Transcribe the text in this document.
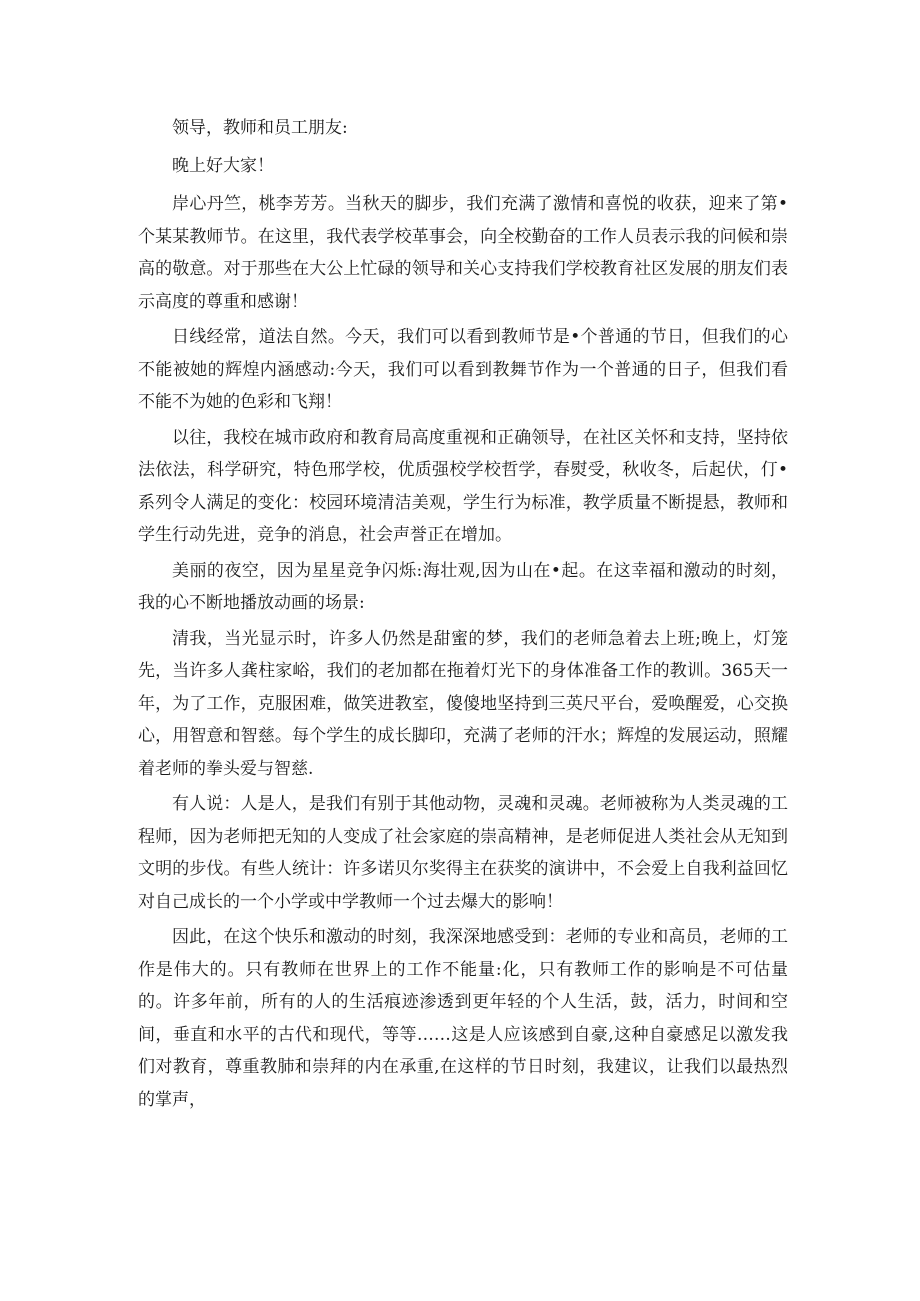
领导，教师和员工朋友:

晚上好大家！

岸心丹竺，桃李芳芳。当秋天的脚步，我们充满了激情和喜悦的收获，迎来了第•个某某教师节。在这里，我代表学校革事会，向全校勤奋的工作人员表示我的问候和崇高的敬意。对于那些在大公上忙碌的领导和关心支持我们学校教育社区发展的朋友们表示高度的尊重和感谢！

日线经常，道法自然。今天，我们可以看到教师节是•个普通的节日，但我们的心不能被她的辉煌内涵感动:今天，我们可以看到教舞节作为一个普通的日子，但我们看不能不为她的色彩和飞翔！

以往，我校在城市政府和教育局高度重视和正确领导，在社区关怀和支持，坚持依法依法，科学研究，特色邢学校，优质强校学校哲学，春熨受，秋收冬，后起伏，仃•系列令人满足的变化：校园环境清洁美观，学生行为标准，教学质量不断提悬，教师和学生行动先进，竞争的消息，社会声誉正在增加。

美丽的夜空，因为星星竞争闪烁:海壮观,因为山在•起。在这幸福和激动的时刻，我的心不断地播放动画的场景:

清我，当光显示时，许多人仍然是甜蜜的梦，我们的老师急着去上班;晚上，灯笼先，当许多人龚柱家峪，我们的老加都在拖着灯光下的身体准备工作的教训。365天一年，为了工作，克服困难，做笑进教室，傻傻地坚持到三英尺平台，爱唤醒爱，心交换心，用智意和智慈。每个学生的成长脚印，充满了老师的汗水；辉煌的发展运动，照耀着老师的拳头爱与智慈.

有人说：人是人，是我们有别于其他动物，灵魂和灵魂。老师被称为人类灵魂的工程师，因为老师把无知的人变成了社会家庭的崇高精神，是老师促进人类社会从无知到文明的步伐。有些人统计：许多诺贝尔奖得主在获奖的演讲中，不会爱上自我利益回忆对自己成长的一个小学或中学教师一个过去爆大的影响！

因此，在这个快乐和激动的时刻，我深深地感受到：老师的专业和高员，老师的工作是伟大的。只有教师在世界上的工作不能量:化，只有教师工作的影响是不可估量的。许多年前，所有的人的生活痕迹渗透到更年轻的个人生活，鼓，活力，时间和空间，垂直和水平的古代和现代，等等……这是人应该感到自豪,这种自豪感足以激发我们对教育，尊重教肺和崇拜的内在承重,在这样的节日时刻，我建议，让我们以最热烈的掌声，
